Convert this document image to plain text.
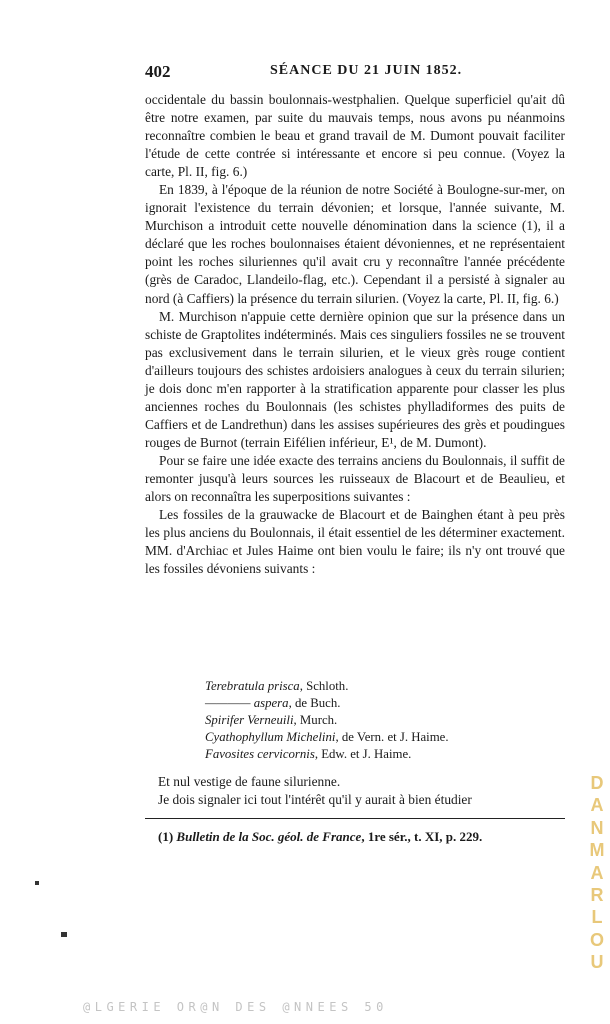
402	SÉANCE DU 21 JUIN 1852.

occidentale du bassin boulonnais-westphalien. Quelque superficiel qu'ait dû être notre examen, par suite du mauvais temps, nous avons pu néanmoins reconnaître combien le beau et grand travail de M. Dumont pouvait faciliter l'étude de cette contrée si intéressante et encore si peu connue. (Voyez la carte, Pl. II, fig. 6.)

En 1839, à l'époque de la réunion de notre Société à Boulogne-sur-mer, on ignorait l'existence du terrain dévonien; et lorsque, l'année suivante, M. Murchison a introduit cette nouvelle dénomination dans la science (1), il a déclaré que les roches boulonnaises étaient dévoniennes, et ne représentaient point les roches siluriennes qu'il avait cru y reconnaître l'année précédente (grès de Caradoc, Llandeilo-flag, etc.). Cependant il a persisté à signaler au nord (à Caffiers) la présence du terrain silurien. (Voyez la carte, Pl. II, fig. 6.)

M. Murchison n'appuie cette dernière opinion que sur la présence dans un schiste de Graptolites indéterminés. Mais ces singuliers fossiles ne se trouvent pas exclusivement dans le terrain silurien, et le vieux grès rouge contient d'ailleurs toujours des schistes ardoisiers analogues à ceux du terrain silurien; je dois donc m'en rapporter à la stratification apparente pour classer les plus anciennes roches du Boulonnais (les schistes phylladiformes des puits de Caffiers et de Landrethun) dans les assises supérieures des grès et poudingues rouges de Burnot (terrain Eifélien inférieur, E¹, de M. Dumont).

Pour se faire une idée exacte des terrains anciens du Boulonnais, il suffit de remonter jusqu'à leurs sources les ruisseaux de Blacourt et de Beaulieu, et alors on reconnaîtra les superpositions suivantes :

Les fossiles de la grauwacke de Blacourt et de Bainghen étant à peu près les plus anciens du Boulonnais, il était essentiel de les déterminer exactement. MM. d'Archiac et Jules Haime ont bien voulu le faire; ils n'y ont trouvé que les fossiles dévoniens suivants :

Terebratula prisca, Schloth.
———— aspera, de Buch.
Spirifer Verneuili, Murch.
Cyathophyllum Michelini, de Vern. et J. Haime.
Favosites cervicornis, Edw. et J. Haime.

Et nul vestige de faune silurienne.

Je dois signaler ici tout l'intérêt qu'il y aurait à bien étudier

(1) Bulletin de la Soc. géol. de France, 1re sér., t. XI, p. 229.
D
A
N
M
A
R
L
O
U
@LGERIE OR@N DES @NNEES 50
